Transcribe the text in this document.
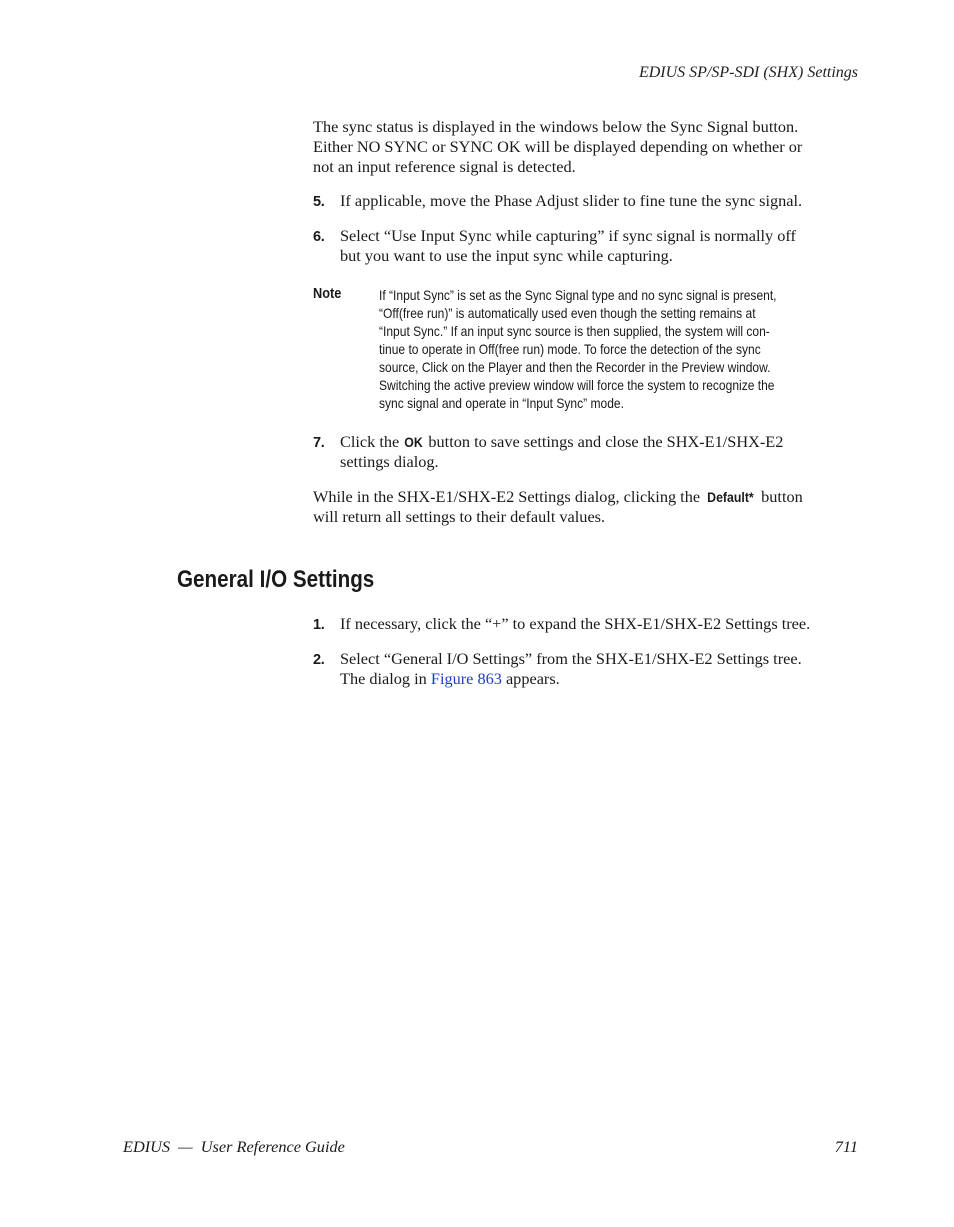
EDIUS SP/SP-SDI (SHX) Settings
The sync status is displayed in the windows below the Sync Signal button.
Either NO SYNC or SYNC OK will be displayed depending on whether or
not an input reference signal is detected.
5. If applicable, move the Phase Adjust slider to fine tune the sync signal.
6. Select “Use Input Sync while capturing” if sync signal is normally off
but you want to use the input sync while capturing.
Note	If “Input Sync” is set as the Sync Signal type and no sync signal is present,
“Off(free run)” is automatically used even though the setting remains at
“Input Sync.” If an input sync source is then supplied, the system will con-
tinue to operate in Off(free run) mode. To force the detection of the sync
source, Click on the Player and then the Recorder in the Preview window.
Switching the active preview window will force the system to recognize the
sync signal and operate in “Input Sync” mode.
7. Click the OK button to save settings and close the SHX-E1/SHX-E2
settings dialog.
While in the SHX-E1/SHX-E2 Settings dialog, clicking the Default* button
will return all settings to their default values.
General I/O Settings
1. If necessary, click the “+” to expand the SHX-E1/SHX-E2 Settings tree.
2. Select “General I/O Settings” from the SHX-E1/SHX-E2 Settings tree.
The dialog in Figure 863 appears.
EDIUS  —  User Reference Guide	711
